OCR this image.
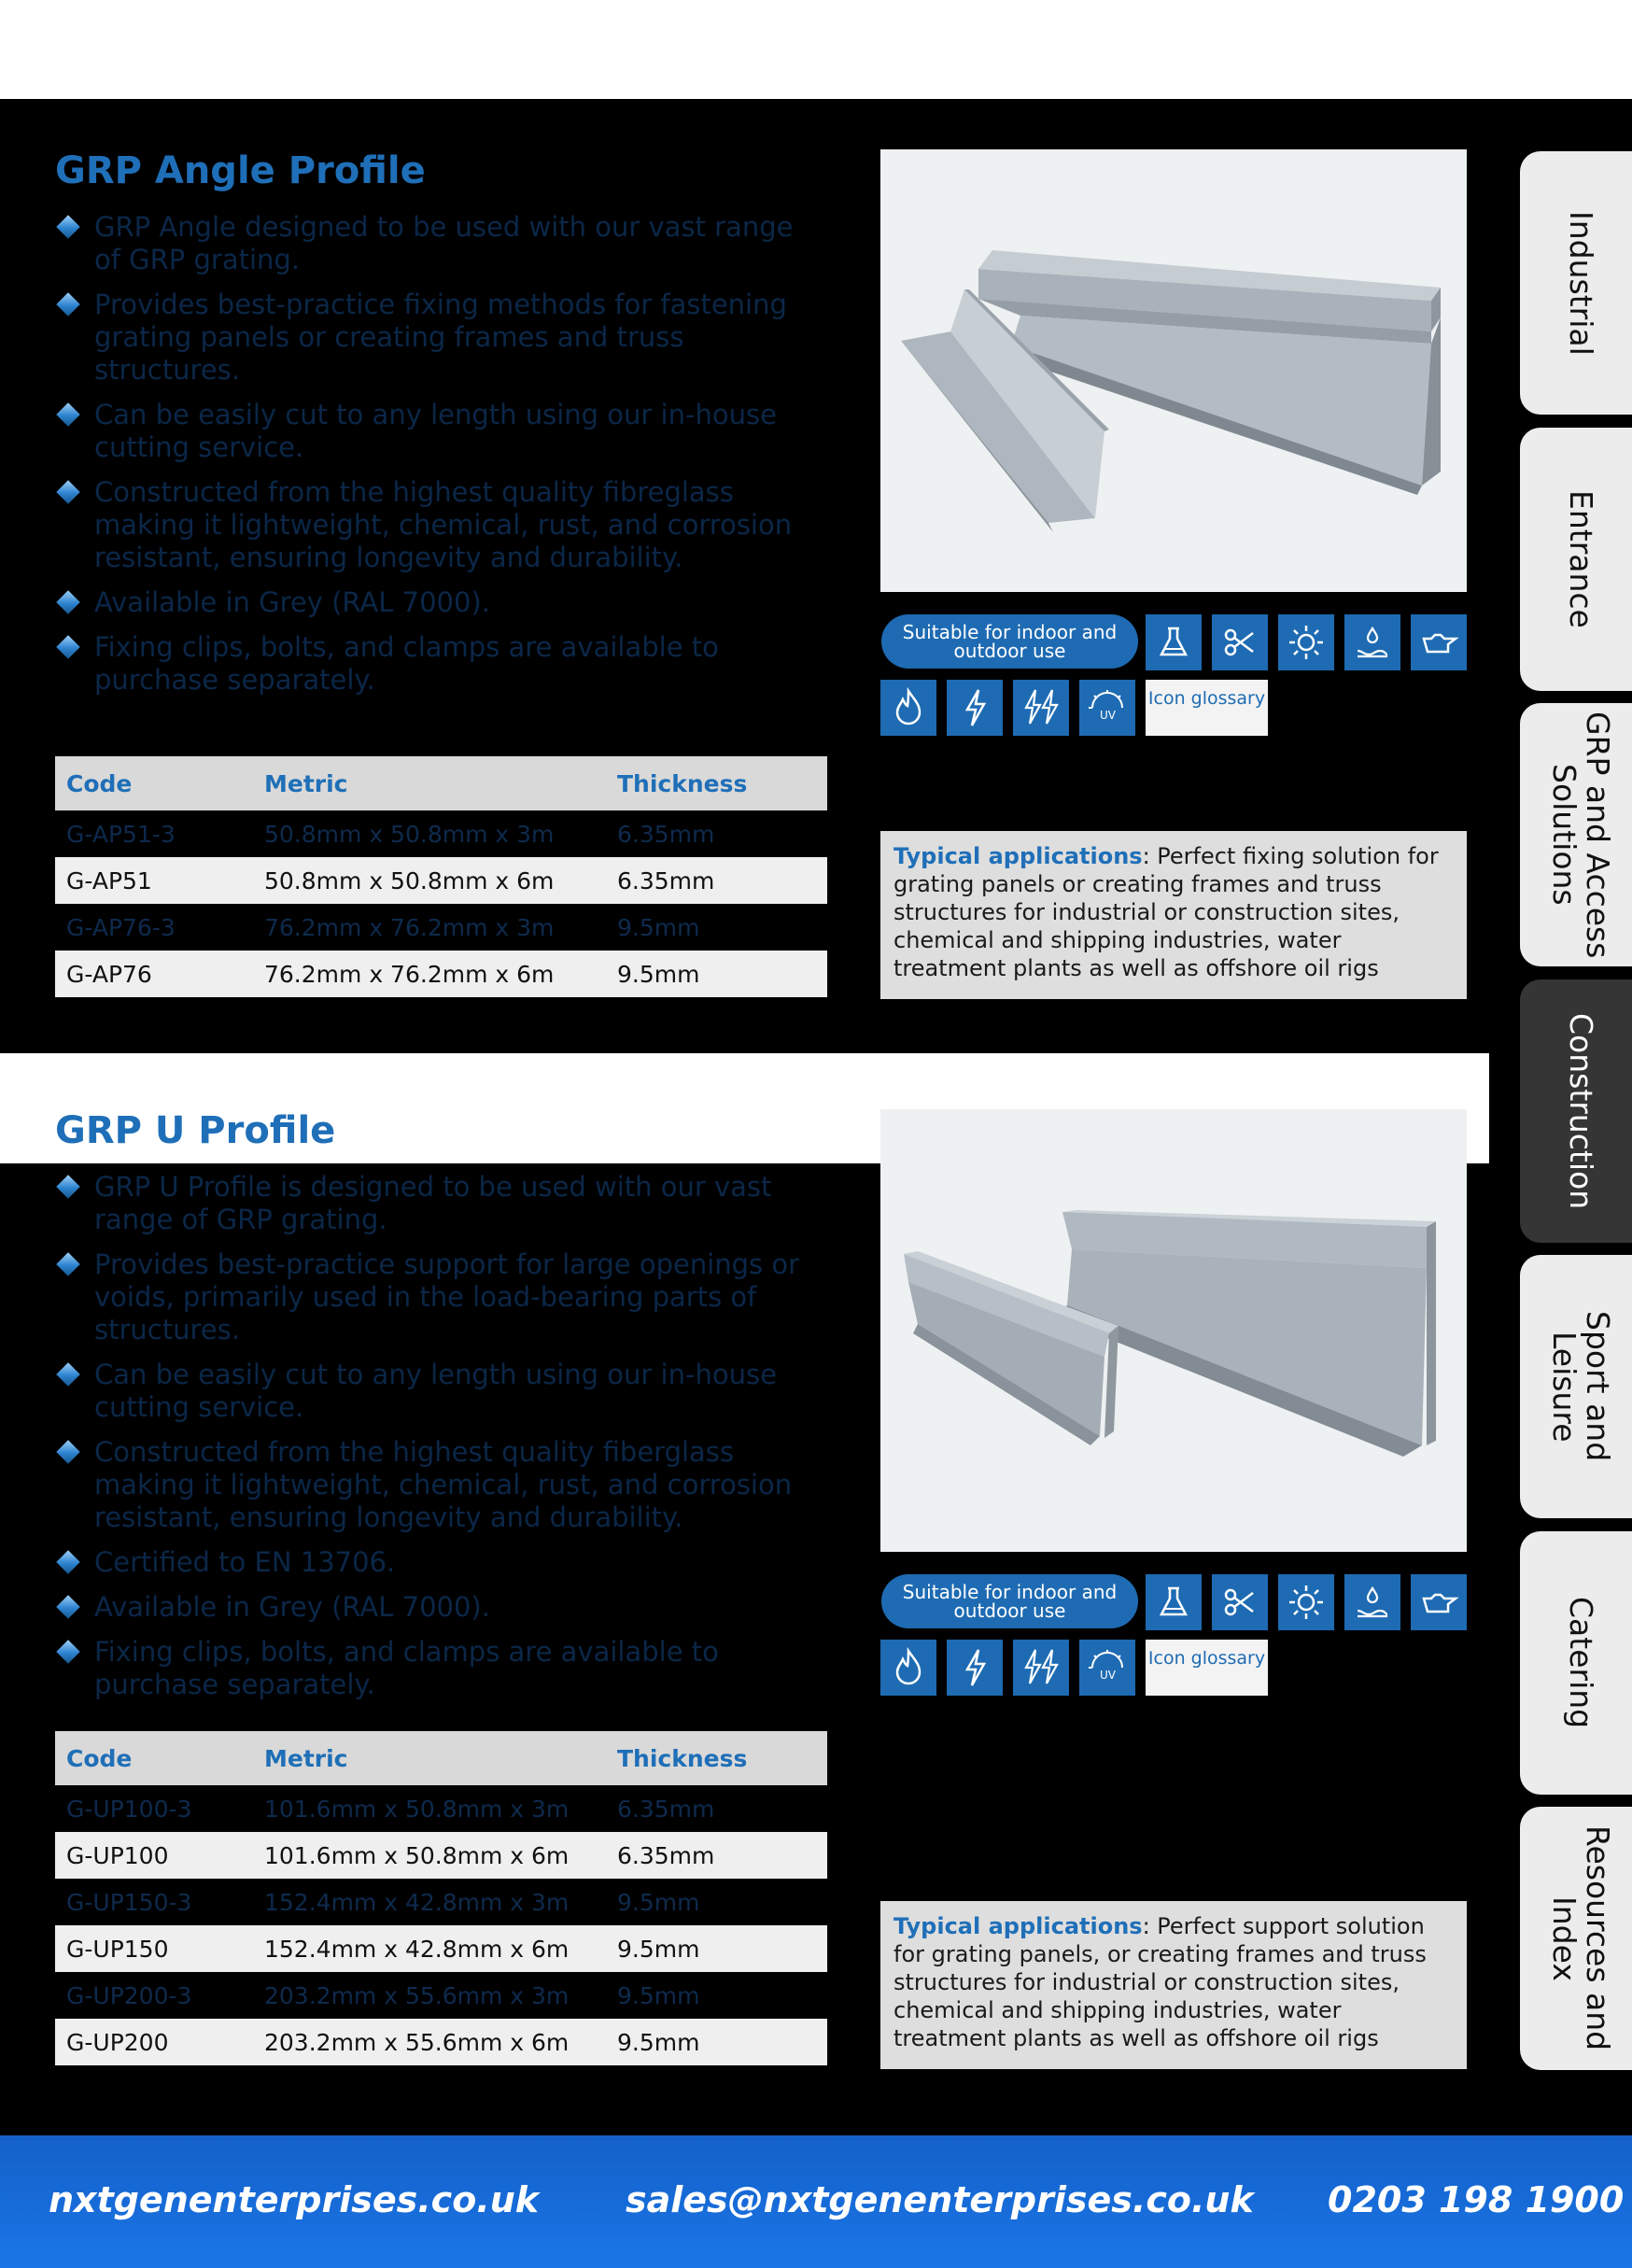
GRP Angle Profile
GRP Angle designed to be used with our vast range of GRP grating.
Provides best-practice fixing methods for fastening grating panels or creating frames and truss structures.
Can be easily cut to any length using our in-house cutting service.
Constructed from the highest quality fibreglass making it lightweight, chemical, rust, and corrosion resistant, ensuring longevity and durability.
Available in Grey (RAL 7000).
Fixing clips, bolts, and clamps are available to purchase separately.
Code	Metric	Thickness
G-AP51-3	50.8mm x 50.8mm x 3m	6.35mm
G-AP51	50.8mm x 50.8mm x 6m	6.35mm
G-AP76-3	76.2mm x 76.2mm x 3m	9.5mm
G-AP76	76.2mm x 76.2mm x 6m	9.5mm
Suitable for indoor and outdoor use
UV
Icon glossary
Typical applications: Perfect fixing solution for grating panels or creating frames and truss structures for industrial or construction sites, chemical and shipping industries, water treatment plants as well as offshore oil rigs
GRP U Profile
GRP U Profile is designed to be used with our vast range of GRP grating.
Provides best-practice support for large openings or voids, primarily used in the load-bearing parts of structures.
Can be easily cut to any length using our in-house cutting service.
Constructed from the highest quality fiberglass making it lightweight, chemical, rust, and corrosion resistant, ensuring longevity and durability.
Certified to EN 13706.
Available in Grey (RAL 7000).
Fixing clips, bolts, and clamps are available to purchase separately.
Code	Metric	Thickness
G-UP100-3	101.6mm x 50.8mm x 3m	6.35mm
G-UP100	101.6mm x 50.8mm x 6m	6.35mm
G-UP150-3	152.4mm x 42.8mm x 3m	9.5mm
G-UP150	152.4mm x 42.8mm x 6m	9.5mm
G-UP200-3	203.2mm x 55.6mm x 3m	9.5mm
G-UP200	203.2mm x 55.6mm x 6m	9.5mm
Suitable for indoor and outdoor use
UV
Icon glossary
Typical applications: Perfect support solution for grating panels, or creating frames and truss structures for industrial or construction sites, chemical and shipping industries, water treatment plants as well as offshore oil rigs
Industrial
Entrance
GRP and Access Solutions
Construction
Sport and Leisure
Catering
Resources and Index
nxtgenenterprises.co.uk sales@nxtgenenterprises.co.uk 0203 198 1900
